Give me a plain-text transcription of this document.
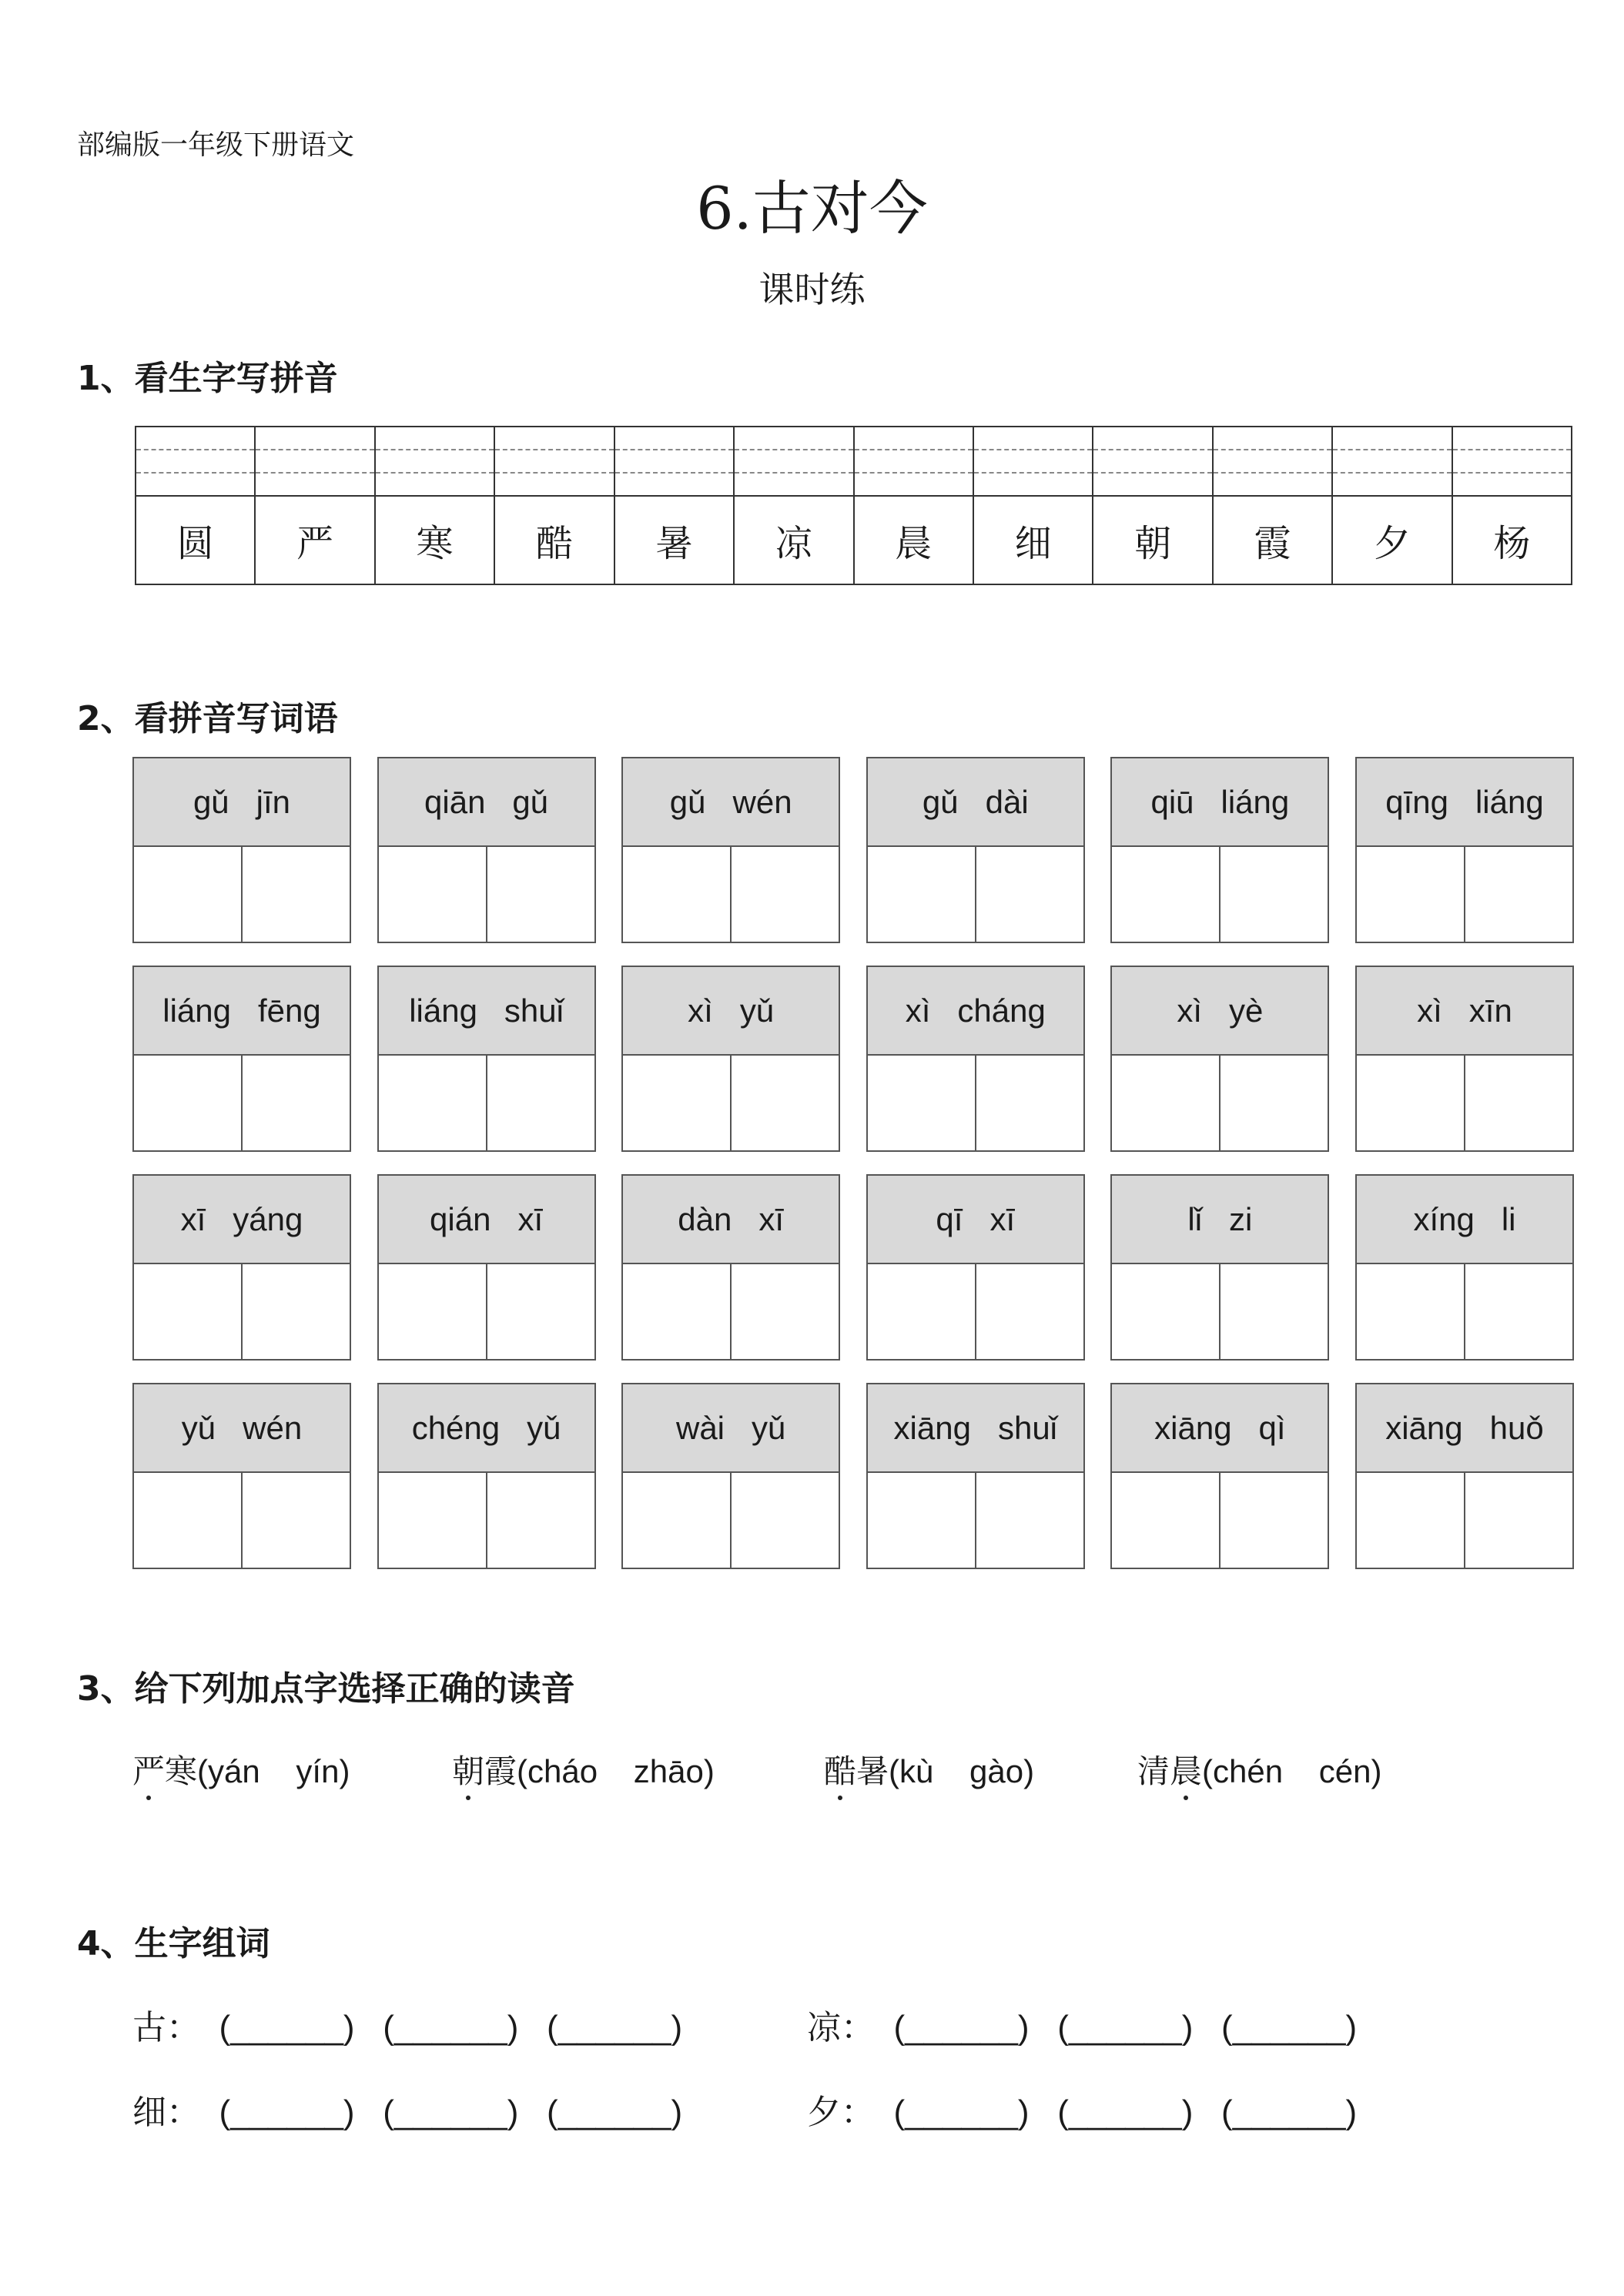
部编版一年级下册语文
6.古对今
课时练
1、看生字写拼音
圆	严	寒	酷	暑	凉	晨	细	朝	霞	夕	杨
2、看拼音写词语
gǔ   jīn	qiān   gǔ	gǔ   wén	gǔ   dài	qiū   liáng	qīng   liáng
liáng   fēng	liáng   shuǐ	xì   yǔ	xì   cháng	xì   yè	xì   xīn
xī   yáng	qián   xī	dàn   xī	qī   xī	lǐ   zi	xíng   li
yǔ   wén	chéng   yǔ	wài   yǔ	xiāng   shuǐ	xiāng   qì	xiāng   huǒ
3、给下列加点字选择正确的读音
严寒(yán    yín)	朝霞(cháo    zhāo)	酷暑(kù    gào)	清晨(chén    cén)
4、生字组词
古：  (______)   (______)   (______)	凉：  (______)   (______)   (______)
细：  (______)   (______)   (______)	夕：  (______)   (______)   (______)
